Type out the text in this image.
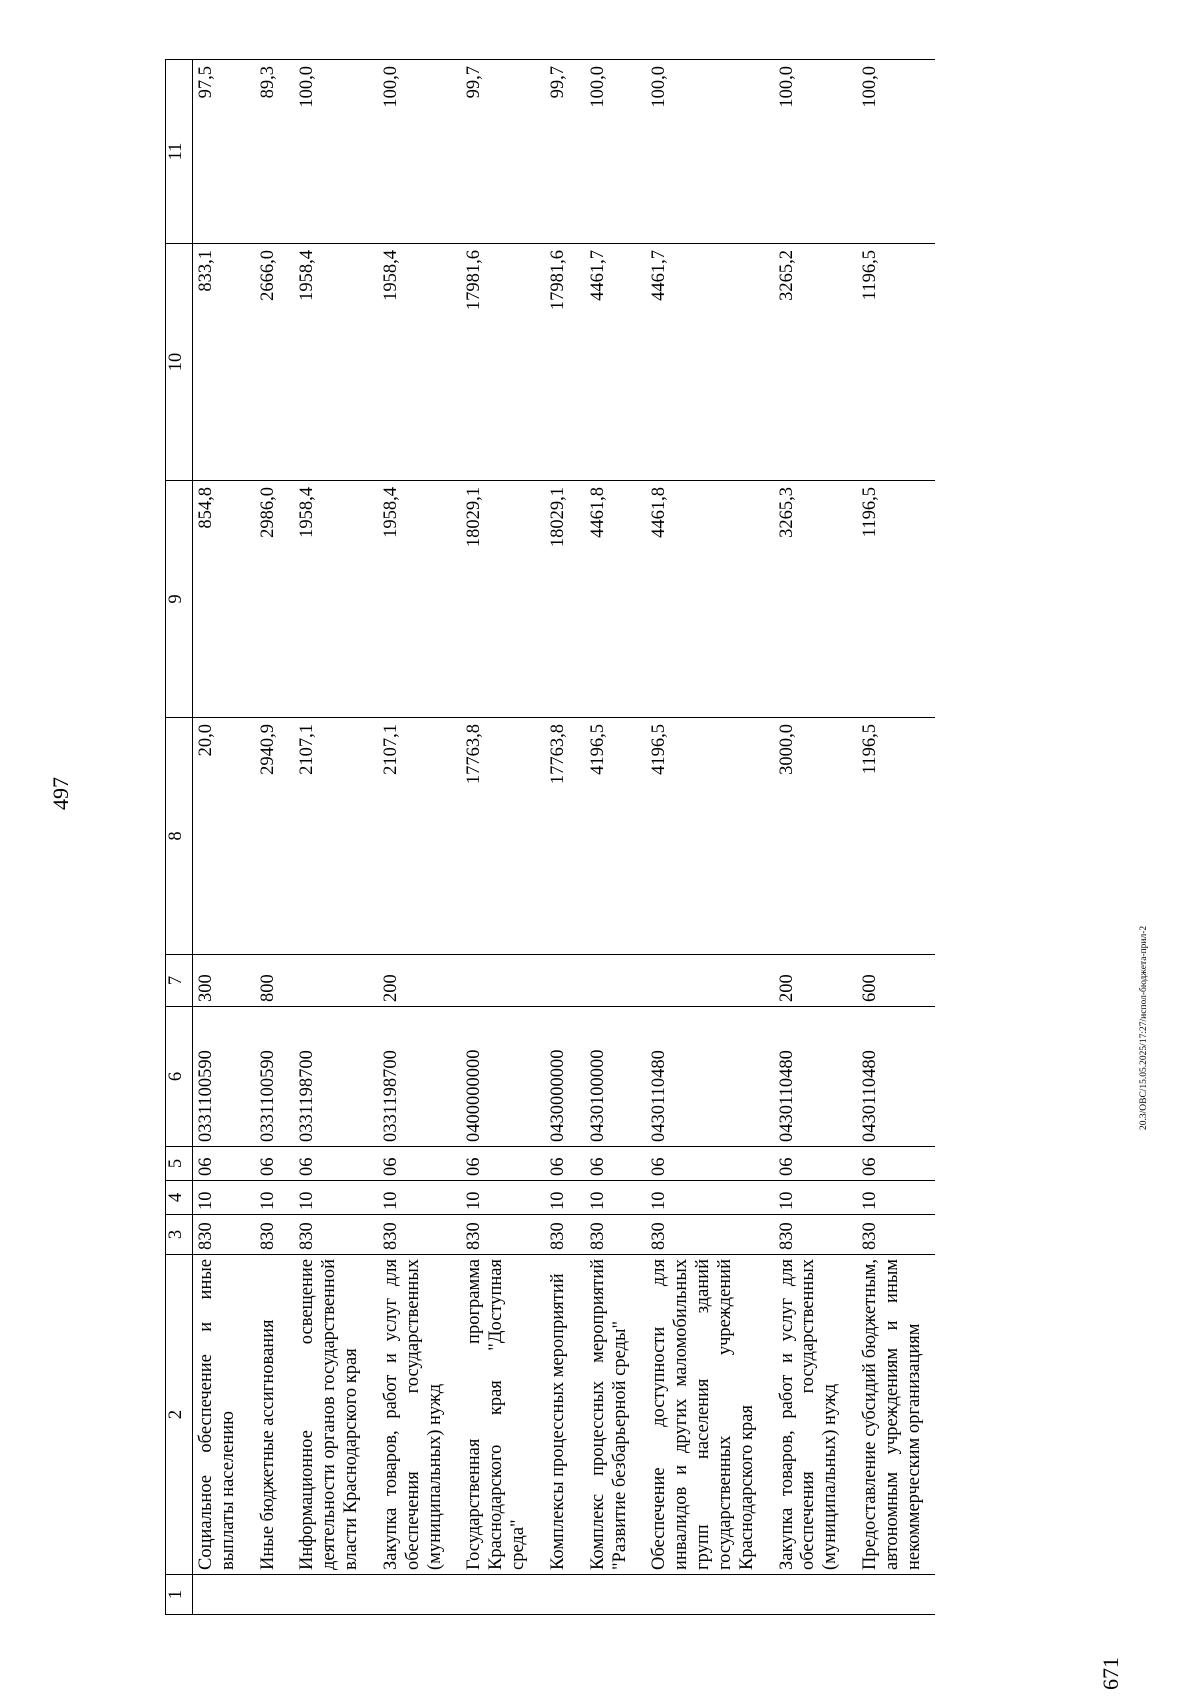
497
1	2	3	4	5	6	7	8	9	10	11
	Социальное обеспечение и иные выплаты населению	830	10	06	0331100590	300	20,0	854,8	833,1	97,5
	Иные бюджетные ассигнования	830	10	06	0331100590	800	2940,9	2986,0	2666,0	89,3
	Информационное освещение деятельности органов государственной власти Краснодарского края	830	10	06	0331198700		2107,1	1958,4	1958,4	100,0
	Закупка товаров, работ и услуг для обеспечения государственных (муниципальных) нужд	830	10	06	0331198700	200	2107,1	1958,4	1958,4	100,0
	Государственная программа Краснодарского края "Доступная среда"	830	10	06	0400000000		17763,8	18029,1	17981,6	99,7
	Комплексы процессных мероприятий	830	10	06	0430000000		17763,8	18029,1	17981,6	99,7
	Комплекс процессных мероприятий "Развитие безбарьерной среды"	830	10	06	0430100000		4196,5	4461,8	4461,7	100,0
	Обеспечение доступности для инвалидов и других маломобильных групп населения зданий государственных учреждений Краснодарского края	830	10	06	0430110480		4196,5	4461,8	4461,7	100,0
	Закупка товаров, работ и услуг для обеспечения государственных (муниципальных) нужд	830	10	06	0430110480	200	3000,0	3265,3	3265,2	100,0
	Предоставление субсидий бюджетным, автономным учреждениям и иным некоммерческим организациям	830	10	06	0430110480	600	1196,5	1196,5	1196,5	100,0
20.3/ОВС/15.05.2025/17:27/испол-бюджета-прил-2
671
